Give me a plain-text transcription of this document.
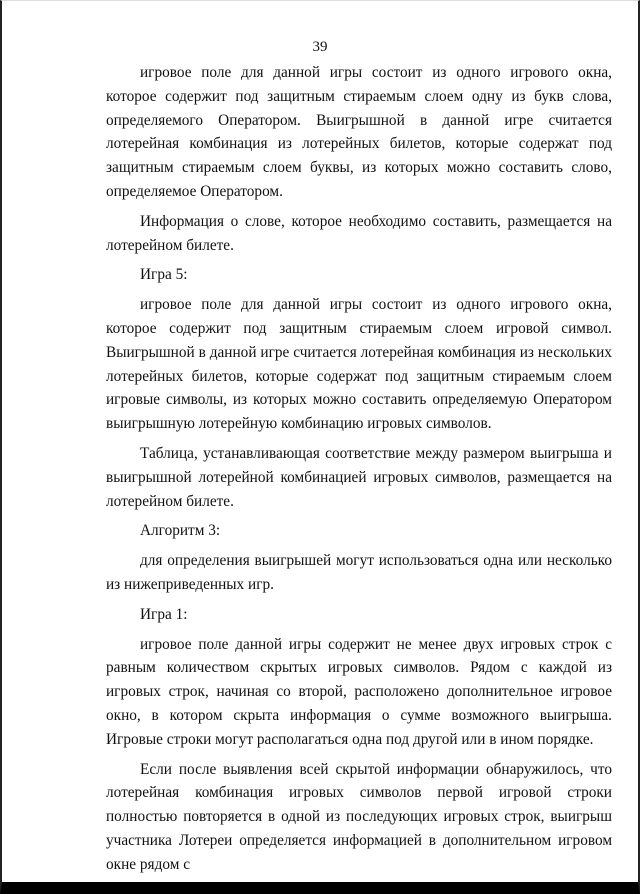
39

игровое поле для данной игры состоит из одного игрового окна, которое содержит под защитным стираемым слоем одну из букв слова, определяемого Оператором. Выигрышной в данной игре считается лотерейная комбинация из лотерейных билетов, которые содержат под защитным стираемым слоем буквы, из которых можно составить слово, определяемое Оператором.

Информация о слове, которое необходимо составить, размещается на лотерейном билете.

Игра 5:

игровое поле для данной игры состоит из одного игрового окна, которое содержит под защитным стираемым слоем игровой символ. Выигрышной в данной игре считается лотерейная комбинация из нескольких лотерейных билетов, которые содержат под защитным стираемым слоем игровые символы, из которых можно составить определяемую Оператором выигрышную лотерейную комбинацию игровых символов.

Таблица, устанавливающая соответствие между размером выигрыша и выигрышной лотерейной комбинацией игровых символов, размещается на лотерейном билете.

Алгоритм 3:

для определения выигрышей могут использоваться одна или несколько из нижеприведенных игр.

Игра 1:

игровое поле данной игры содержит не менее двух игровых строк с равным количеством скрытых игровых символов. Рядом с каждой из игровых строк, начиная со второй, расположено дополнительное игровое окно, в котором скрыта информация о сумме возможного выигрыша. Игровые строки могут располагаться одна под другой или в ином порядке.

Если после выявления всей скрытой информации обнаружилось, что лотерейная комбинация игровых символов первой игровой строки полностью повторяется в одной из последующих игровых строк, выигрыш участника Лотереи определяется информацией в дополнительном игровом окне рядом с
